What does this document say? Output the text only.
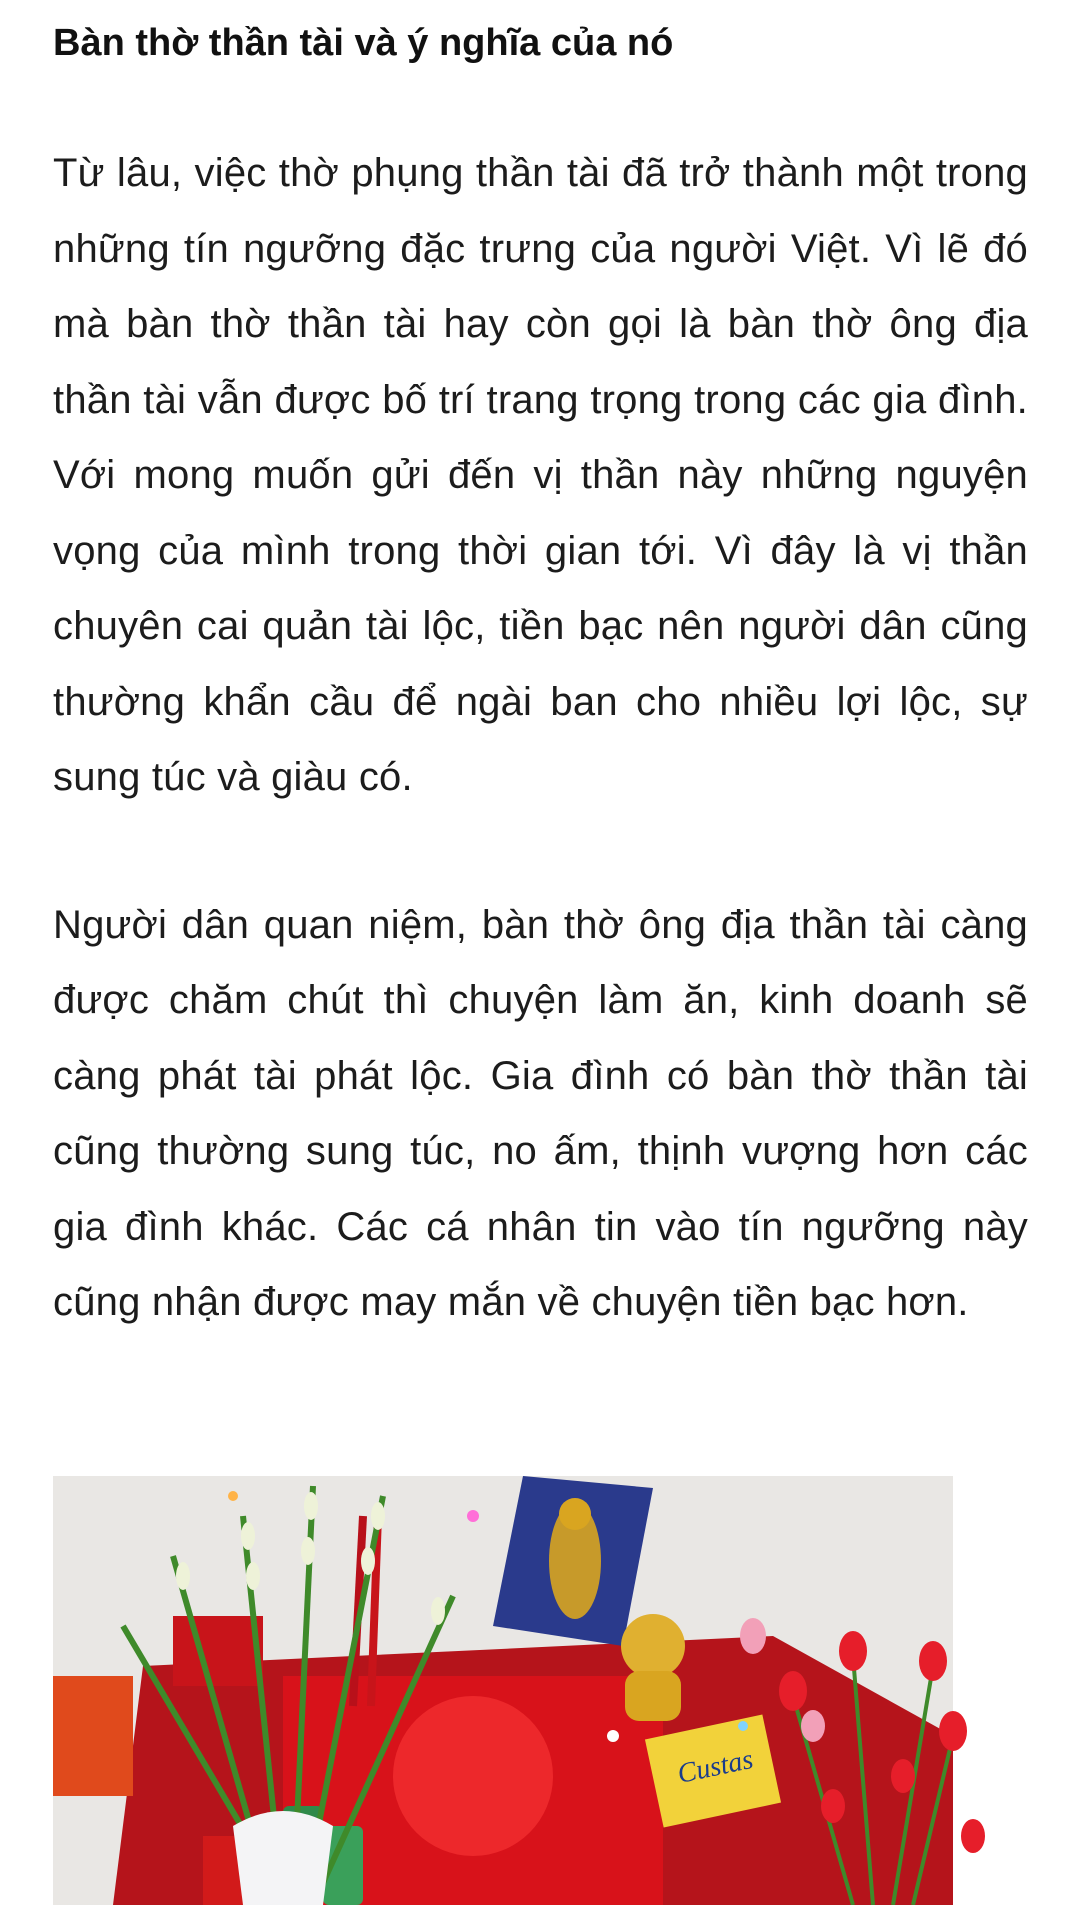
Bàn thờ thần tài và ý nghĩa của nó

Từ lâu, việc thờ phụng thần tài đã trở thành một trong những tín ngưỡng đặc trưng của người Việt. Vì lẽ đó mà bàn thờ thần tài hay còn gọi là bàn thờ ông địa thần tài vẫn được bố trí trang trọng trong các gia đình. Với mong muốn gửi đến vị thần này những nguyện vọng của mình trong thời gian tới. Vì đây là vị thần chuyên cai quản tài lộc, tiền bạc nên người dân cũng thường khẩn cầu để ngài ban cho nhiều lợi lộc, sự sung túc và giàu có.

Người dân quan niệm, bàn thờ ông địa thần tài càng được chăm chút thì chuyện làm ăn, kinh doanh sẽ càng phát tài phát lộc. Gia đình có bàn thờ thần tài cũng thường sung túc, no ấm, thịnh vượng hơn các gia đình khác. Các cá nhân tin vào tín ngưỡng này cũng nhận được may mắn về chuyện tiền bạc hơn.

Custas
